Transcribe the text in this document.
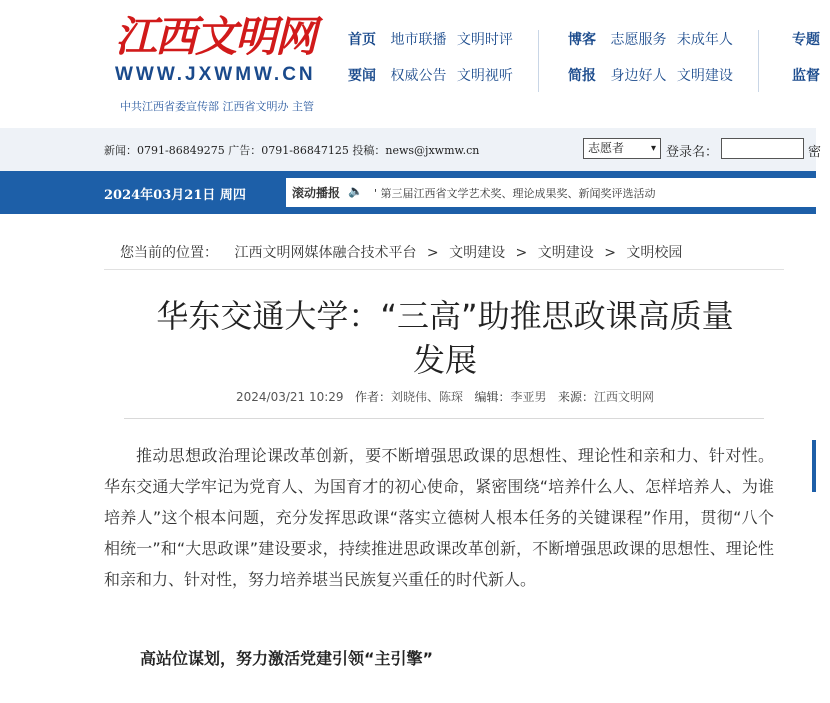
江西文明网
WWW.JXWMW.CN
中共江西省委宣传部 江西省文明办 主管
首页 地市联播 文明时评
要闻 权威公告 文明视听
博客 志愿服务 未成年人
简报 身边好人 文明建设
专题
监督
新闻：0791-86849275 广告：0791-86847125 投稿：news@jxwmw.cn	志愿者	▾ 登录名：	密
2024年03月21日 周四	滚动播报 🔈 ' 第三届江西省文学艺术奖、理论成果奖、新闻奖评选活动
您当前的位置： 江西文明网媒体融合技术平台 > 文明建设 > 文明建设 > 文明校园
华东交通大学：“三高”助推思政课高质量
发展
2024/03/21 10:29 作者：刘晓伟、陈琛 编辑：李亚男 来源：江西文明网

推动思想政治理论课改革创新，要不断增强思政课的思想性、理论性和亲和力、针对性。华东交通大学牢记为党育人、为国育才的初心使命，紧密围绕“培养什么人、怎样培养人、为谁培养人”这个根本问题，充分发挥思政课“落实立德树人根本任务的关键课程”作用，贯彻“八个相统一”和“大思政课”建设要求，持续推进思政课改革创新，不断增强思政课的思想性、理论性和亲和力、针对性，努力培养堪当民族复兴重任的时代新人。

高站位谋划，努力激活党建引领“主引擎”
